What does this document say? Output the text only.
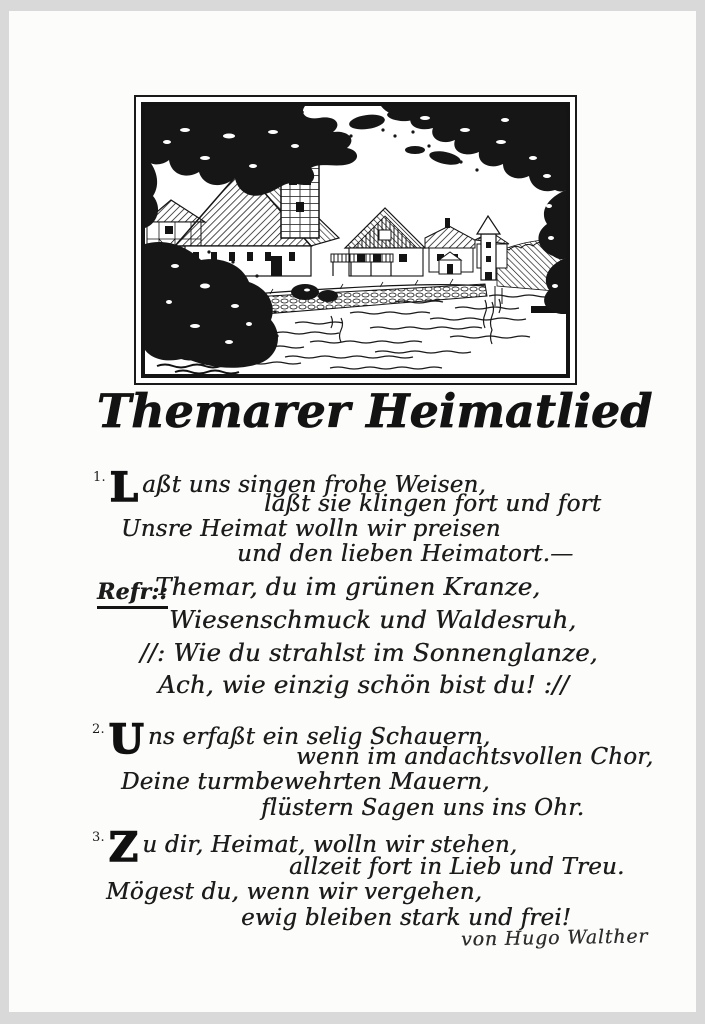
Themarer Heimatlied
$^{1.}$ L aßt uns singen frohe Weisen,
laßt sie klingen fort und fort
Unsre Heimat wolln wir preisen
und den lieben Heimatort.—
Refr::
Themar, du im grünen Kranze,
Wiesenschmuck und Waldesruh,
//: Wie du strahlst im Sonnenglanze,
Ach, wie einzig schön bist du! ://
$^{2.}$ U ns erfaßt ein selig Schauern,
wenn im andachtsvollen Chor,
Deine turmbewehrten Mauern,
flüstern Sagen uns ins Ohr.
$^{3.}$ Z u dir, Heimat, wolln wir stehen,
allzeit fort in Lieb und Treu.
Mögest du, wenn wir vergehen,
ewig bleiben stark und frei!
von Hugo Walther
